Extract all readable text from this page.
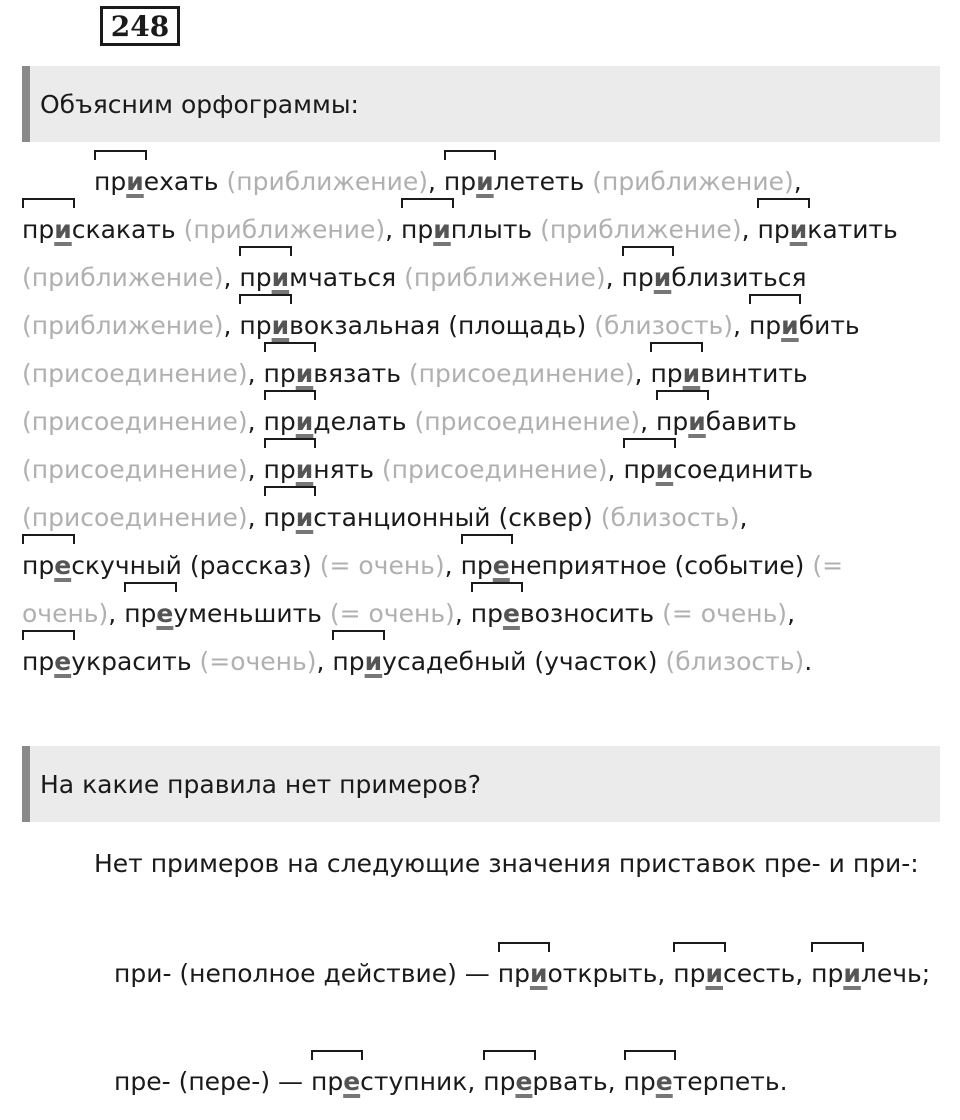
248
Объясним орфограммы:
приехать (приближение), прилететь (приближение), прискакать (приближение), приплыть (приближение), прикатить (приближение), примчаться (приближение), приблизиться (приближение), привокзальная (площадь) (близость), прибить (присоединение), привязать (присоединение), привинтить (присоединение), приделать (присоединение), прибавить (присоединение), принять (присоединение), присоединить (присоединение), пристанционный (сквер) (близость), прескучный (рассказ) (= очень), пренеприятное (событие) (= очень), преуменьшить (= очень), превозносить (= очень), преукрасить (=очень), приусадебный (участок) (близость).
На какие правила нет примеров?
Нет примеров на следующие значения приставок пре- и при-:
при- (неполное действие) — приоткрыть, присесть, прилечь;
пре- (пере-) — преступник, прервать, претерпеть.
